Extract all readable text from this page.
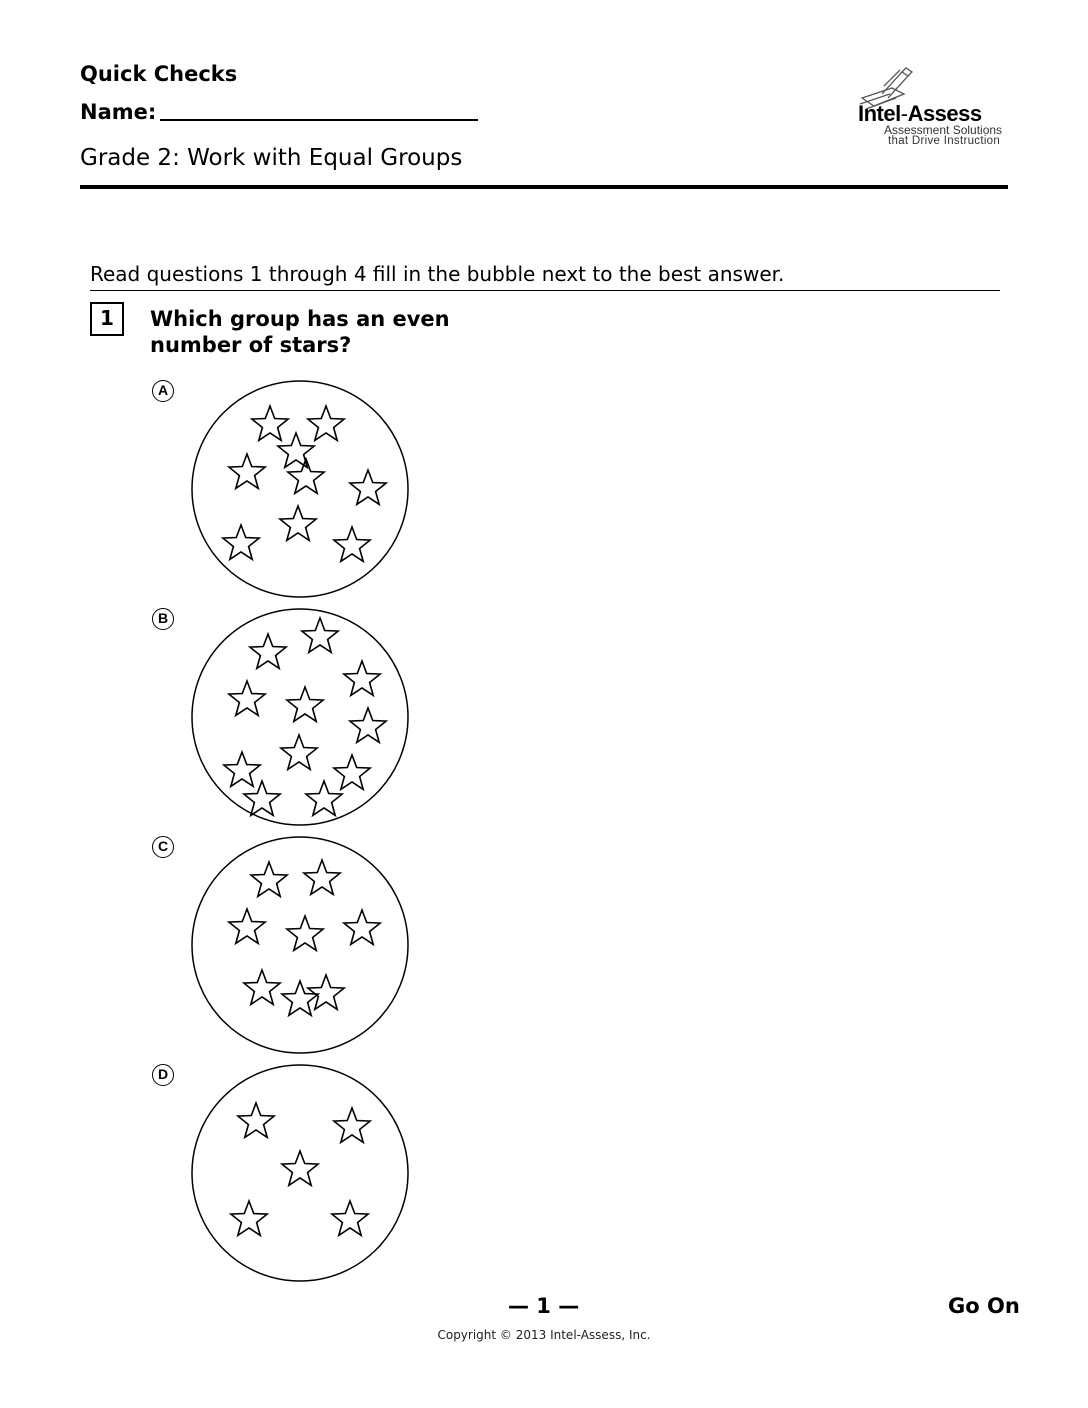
Quick Checks
Name:
Grade 2: Work with Equal Groups
Intel-Assess
Assessment Solutions
that Drive Instruction
Read questions 1 through 4 fill in the bubble next to the best answer.
1	Which group has an even number of stars?
A
B
C
D
— 1 —	Go On
Copyright © 2013 Intel-Assess, Inc.
